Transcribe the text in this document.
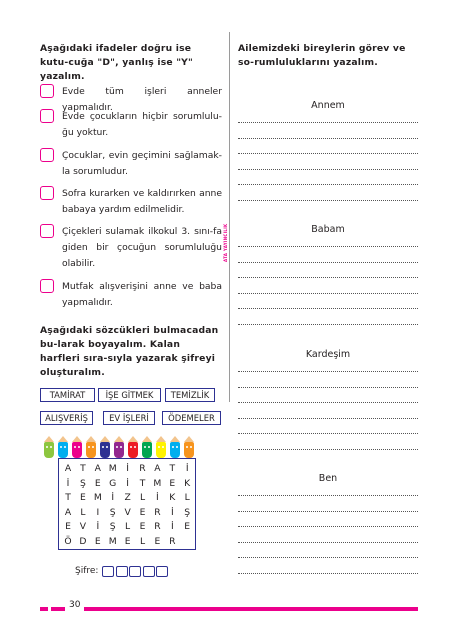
Aşağıdaki ifadeler doğru ise kutu-cuğa "D", yanlış ise "Y" yazalım.
Evde tüm işleri anneler yapmalıdır.
Evde çocukların hiçbir sorumlulu-ğu yoktur.
Çocuklar, evin geçimini sağlamak-la sorumludur.
Sofra kurarken ve kaldırırken anne babaya yardım edilmelidir.
Çiçekleri sulamak ilkokul 3. sını-fa giden bir çocuğun sorumluluğu olabilir.
Mutfak alışverişini anne ve baba yapmalıdır.
Aşağıdaki sözcükleri bulmacadan bu-larak boyayalım. Kalan harfleri sıra-sıyla yazarak şifreyi oluşturalım.
TAMİRAT	İŞE GİTMEK	TEMİZLİK
ALIŞVERİŞ	EV İŞLERİ	ÖDEMELER
A T A M	İ	R A T	İ
İ	Ş E G	İ	T M E K
T E M	İ	Z	L	İ	K	L
A L	I	Ş V E R	İ	Ş
E V	İ	Ş	L	E R	İ	E
Ö D E M E	L	E R
Şifre:
ATA YAYINCILIK
Ailemizdeki bireylerin görev ve so-rumluluklarını yazalım.
Annem
Babam
Kardeşim
Ben
30
